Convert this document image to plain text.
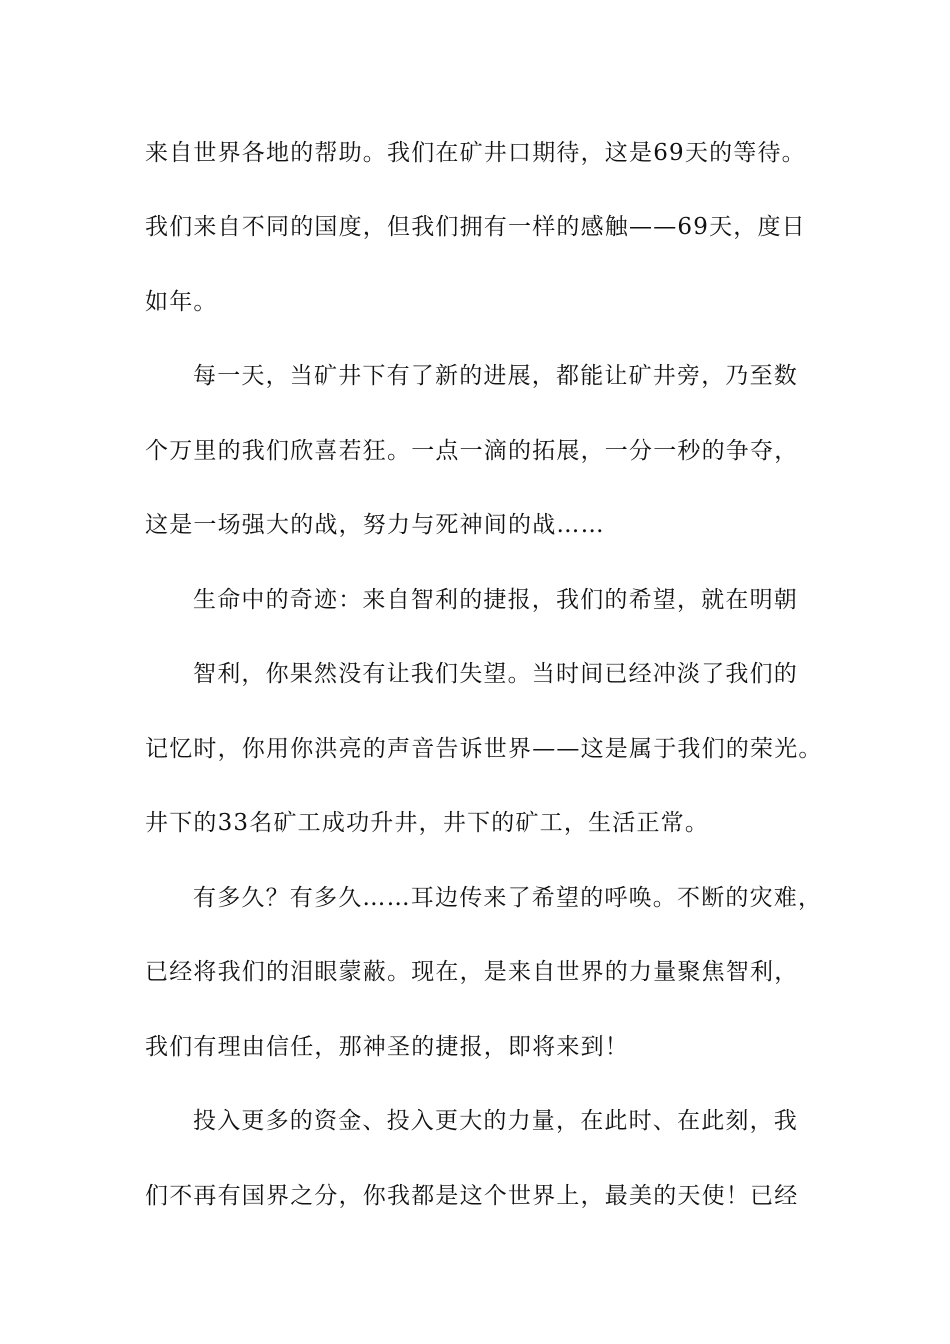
来自世界各地的帮助。我们在矿井口期待，这是69天的等待。
我们来自不同的国度，但我们拥有一样的感触——69天，度日
如年。
每一天，当矿井下有了新的进展，都能让矿井旁，乃至数
个万里的我们欣喜若狂。一点一滴的拓展，一分一秒的争夺，
这是一场强大的战，努力与死神间的战……
生命中的奇迹：来自智利的捷报，我们的希望，就在明朝
智利，你果然没有让我们失望。当时间已经冲淡了我们的
记忆时，你用你洪亮的声音告诉世界——这是属于我们的荣光。
井下的33名矿工成功升井，井下的矿工，生活正常。
有多久？有多久……耳边传来了希望的呼唤。不断的灾难，
已经将我们的泪眼蒙蔽。现在，是来自世界的力量聚焦智利，
我们有理由信任，那神圣的捷报，即将来到！
投入更多的资金、投入更大的力量，在此时、在此刻，我
们不再有国界之分，你我都是这个世界上，最美的天使！已经
